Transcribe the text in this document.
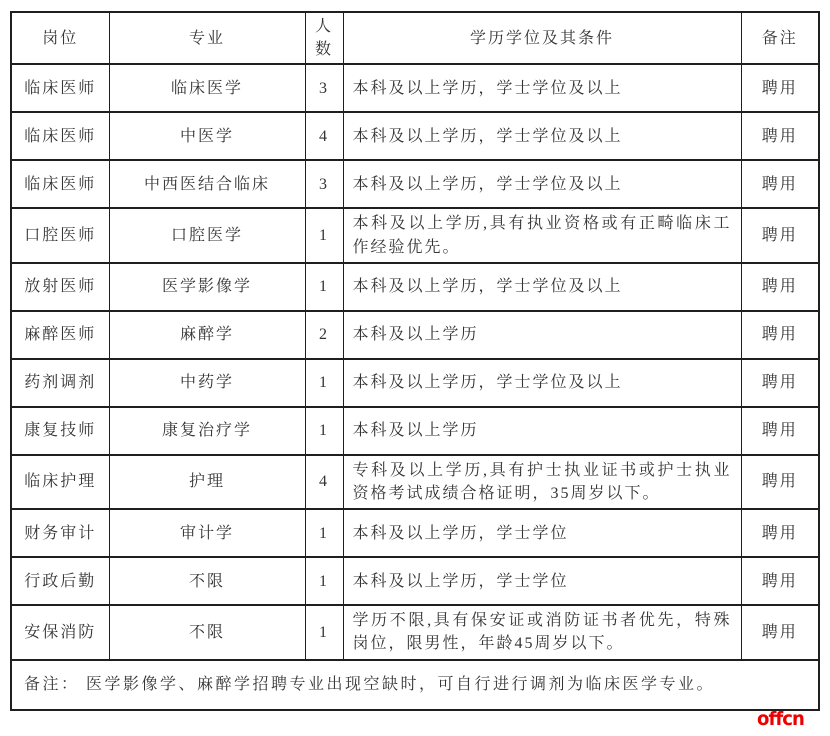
岗位	专业	人数	学历学位及其条件	备注
临床医师	临床医学	3	本科及以上学历，学士学位及以上	聘用
临床医师	中医学	4	本科及以上学历，学士学位及以上	聘用
临床医师	中西医结合临床	3	本科及以上学历，学士学位及以上	聘用
口腔医师	口腔医学	1	本科及以上学历,具有执业资格或有正畸临床工作经验优先。	聘用
放射医师	医学影像学	1	本科及以上学历，学士学位及以上	聘用
麻醉医师	麻醉学	2	本科及以上学历	聘用
药剂调剂	中药学	1	本科及以上学历，学士学位及以上	聘用
康复技师	康复治疗学	1	本科及以上学历	聘用
临床护理	护理	4	专科及以上学历,具有护士执业证书或护士执业资格考试成绩合格证明，35周岁以下。	聘用
财务审计	审计学	1	本科及以上学历，学士学位	聘用
行政后勤	不限	1	本科及以上学历，学士学位	聘用
安保消防	不限	1	学历不限,具有保安证或消防证书者优先，特殊岗位，限男性，年龄45周岁以下。	聘用
备注： 医学影像学、麻醉学招聘专业出现空缺时，可自行进行调剂为临床医学专业。				
offcn
